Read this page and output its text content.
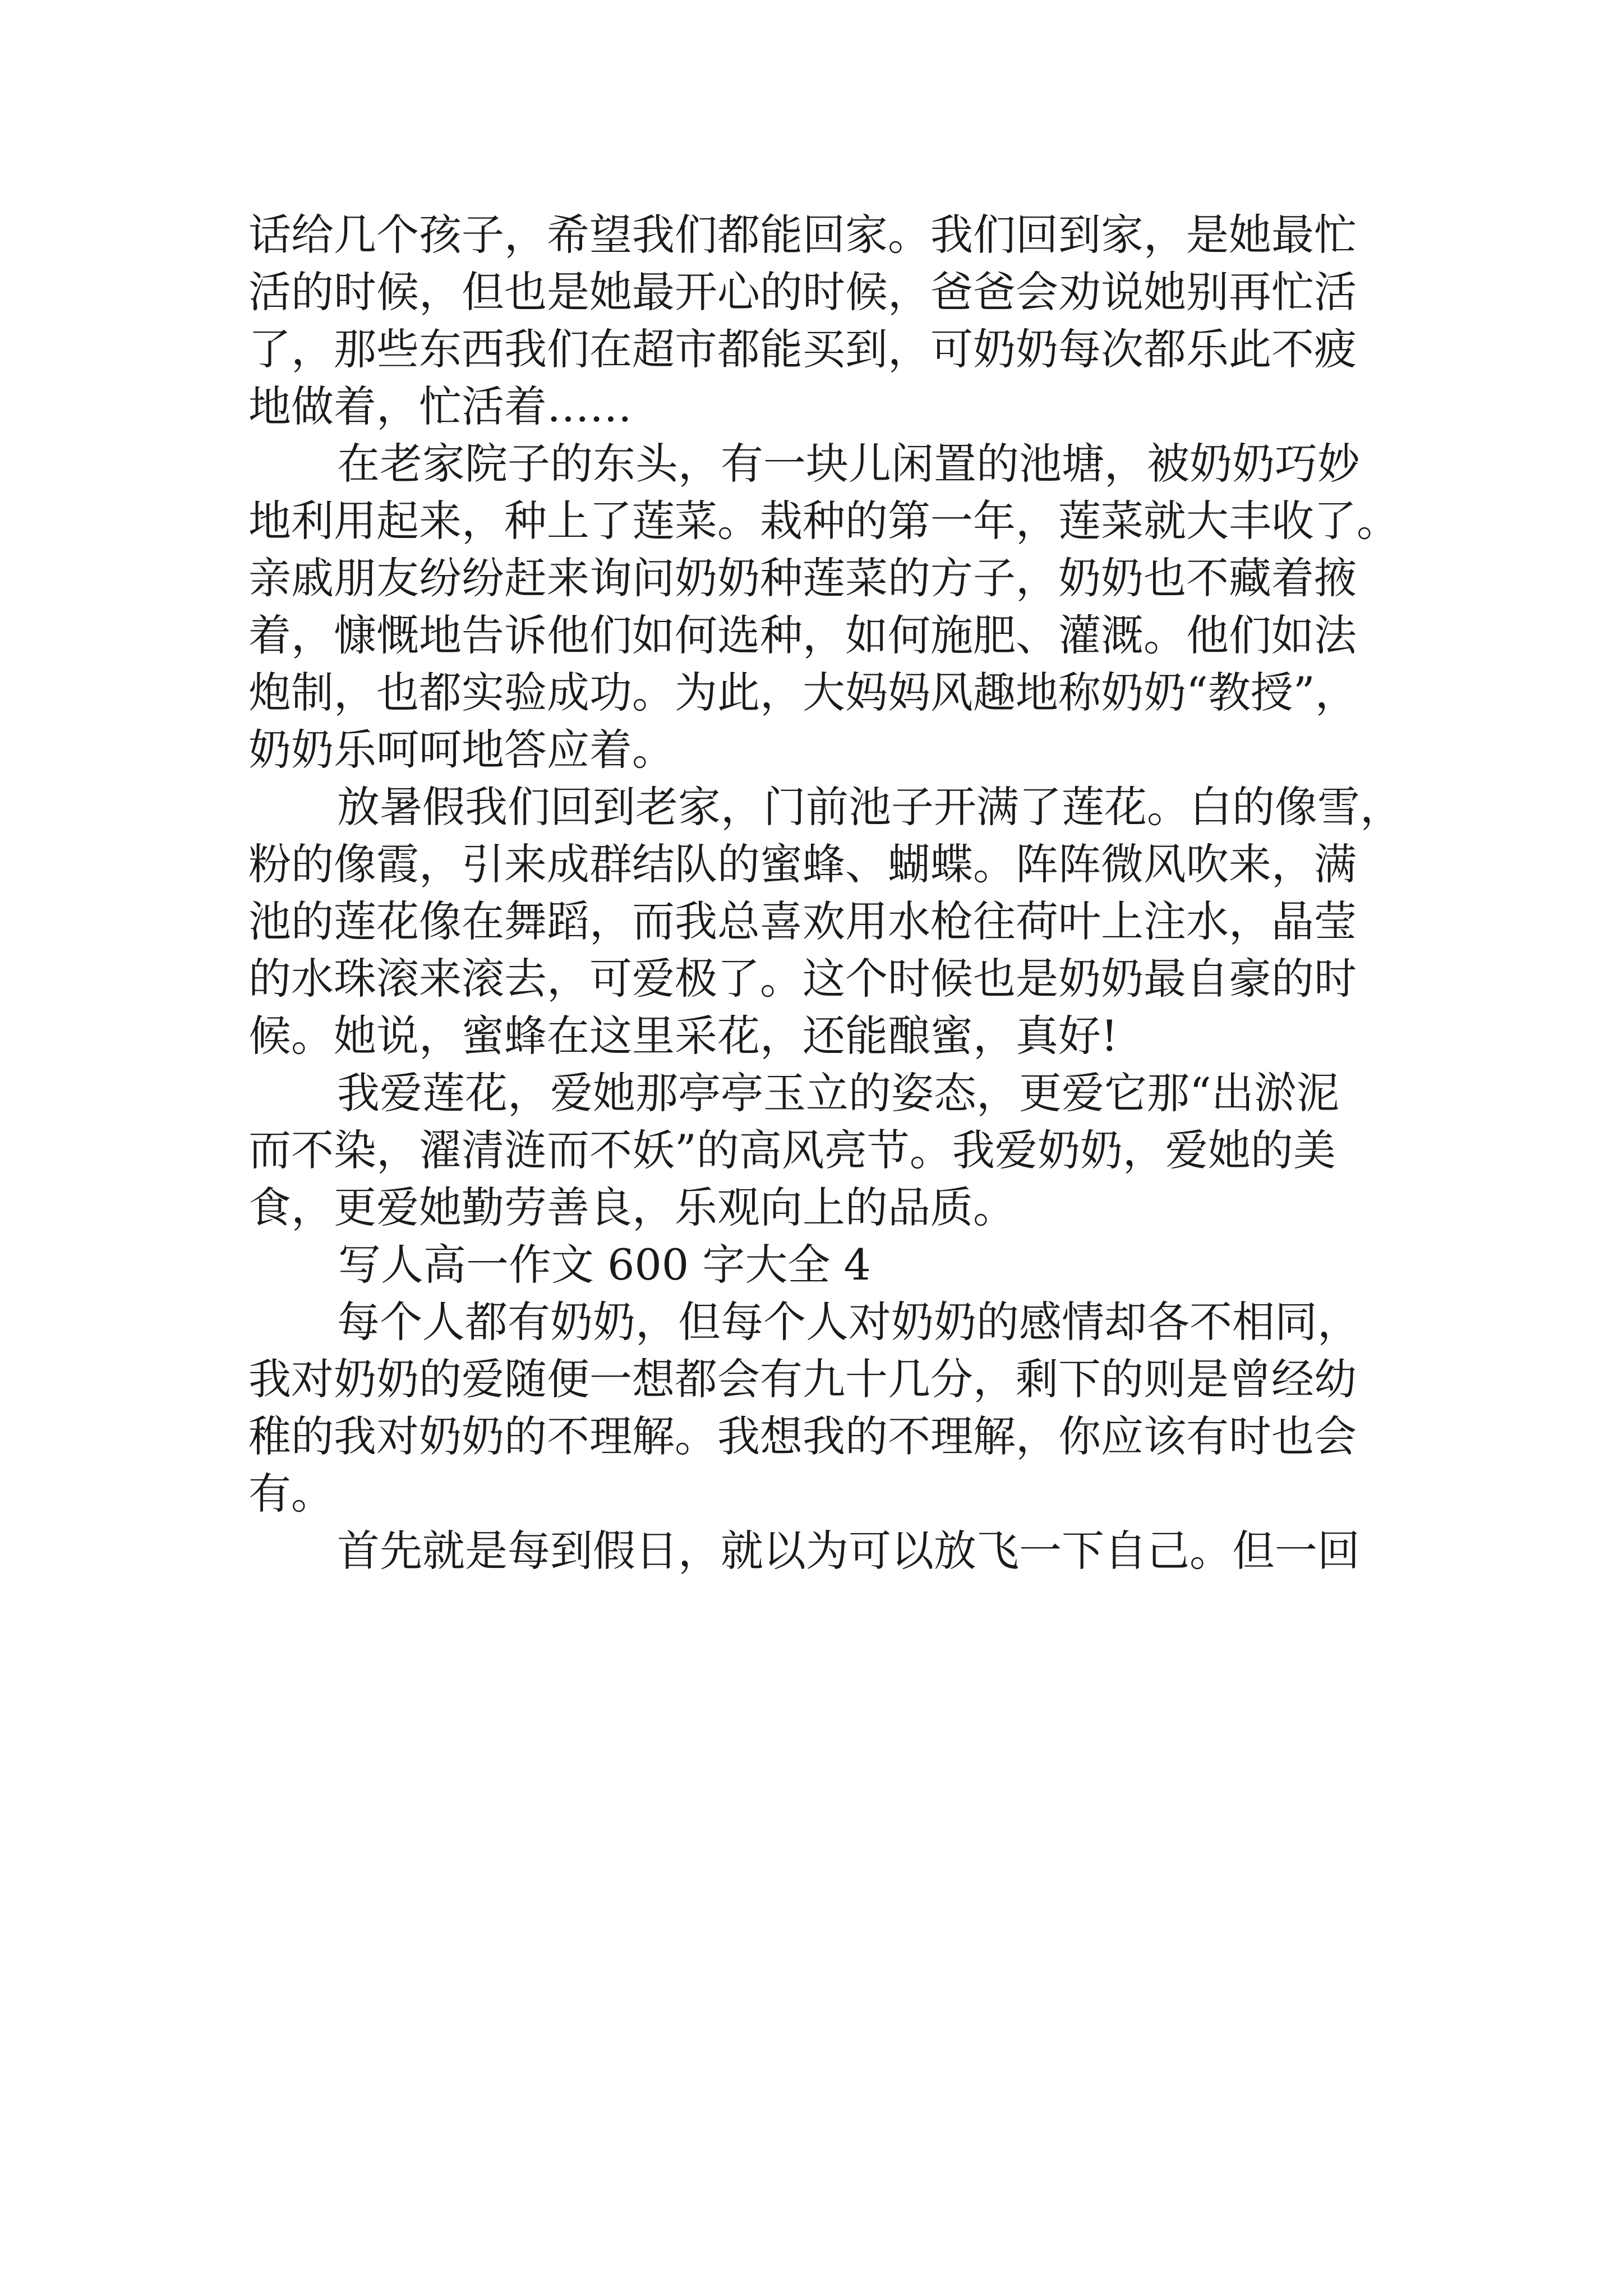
话给几个孩子，希望我们都能回家。我们回到家，是她最忙
活的时候，但也是她最开心的时候，爸爸会劝说她别再忙活
了，那些东西我们在超市都能买到，可奶奶每次都乐此不疲
地做着，忙活着……
在老家院子的东头，有一块儿闲置的池塘，被奶奶巧妙
地利用起来，种上了莲菜。栽种的第一年，莲菜就大丰收了。
亲戚朋友纷纷赶来询问奶奶种莲菜的方子，奶奶也不藏着掖
着，慷慨地告诉他们如何选种，如何施肥、灌溉。他们如法
炮制，也都实验成功。为此，大妈妈风趣地称奶奶“教授”，
奶奶乐呵呵地答应着。
放暑假我们回到老家，门前池子开满了莲花。白的像雪，
粉的像霞，引来成群结队的蜜蜂、蝴蝶。阵阵微风吹来，满
池的莲花像在舞蹈，而我总喜欢用水枪往荷叶上注水，晶莹
的水珠滚来滚去，可爱极了。这个时候也是奶奶最自豪的时
候。她说，蜜蜂在这里采花，还能酿蜜，真好!
我爱莲花，爱她那亭亭玉立的姿态，更爱它那“出淤泥
而不染，濯清涟而不妖”的高风亮节。我爱奶奶，爱她的美
食，更爱她勤劳善良，乐观向上的品质。
写人高一作文 600 字大全 4
每个人都有奶奶，但每个人对奶奶的感情却各不相同，
我对奶奶的爱随便一想都会有九十几分，剩下的则是曾经幼
稚的我对奶奶的不理解。我想我的不理解，你应该有时也会
有。
首先就是每到假日，就以为可以放飞一下自己。但一回
